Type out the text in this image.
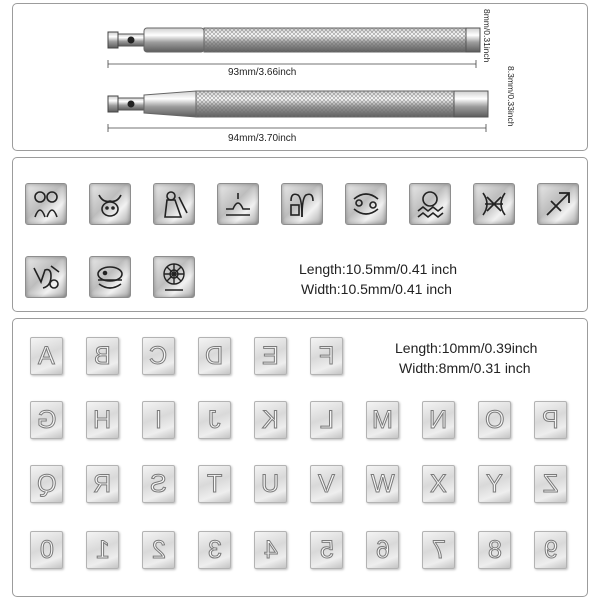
93mm/3.66inch
8mm/0.31inch
94mm/3.70inch
8.3mm/0.33inch
Length:10.5mm/0.41 inch
Width:10.5mm/0.41 inch
A B C D E F	Length:10mm/0.39inch
Width:8mm/0.31 inch
G H I J K L M N O P
Q R S T U V W X Y Z
0 1 2 3 4 5 6 7 8 9
